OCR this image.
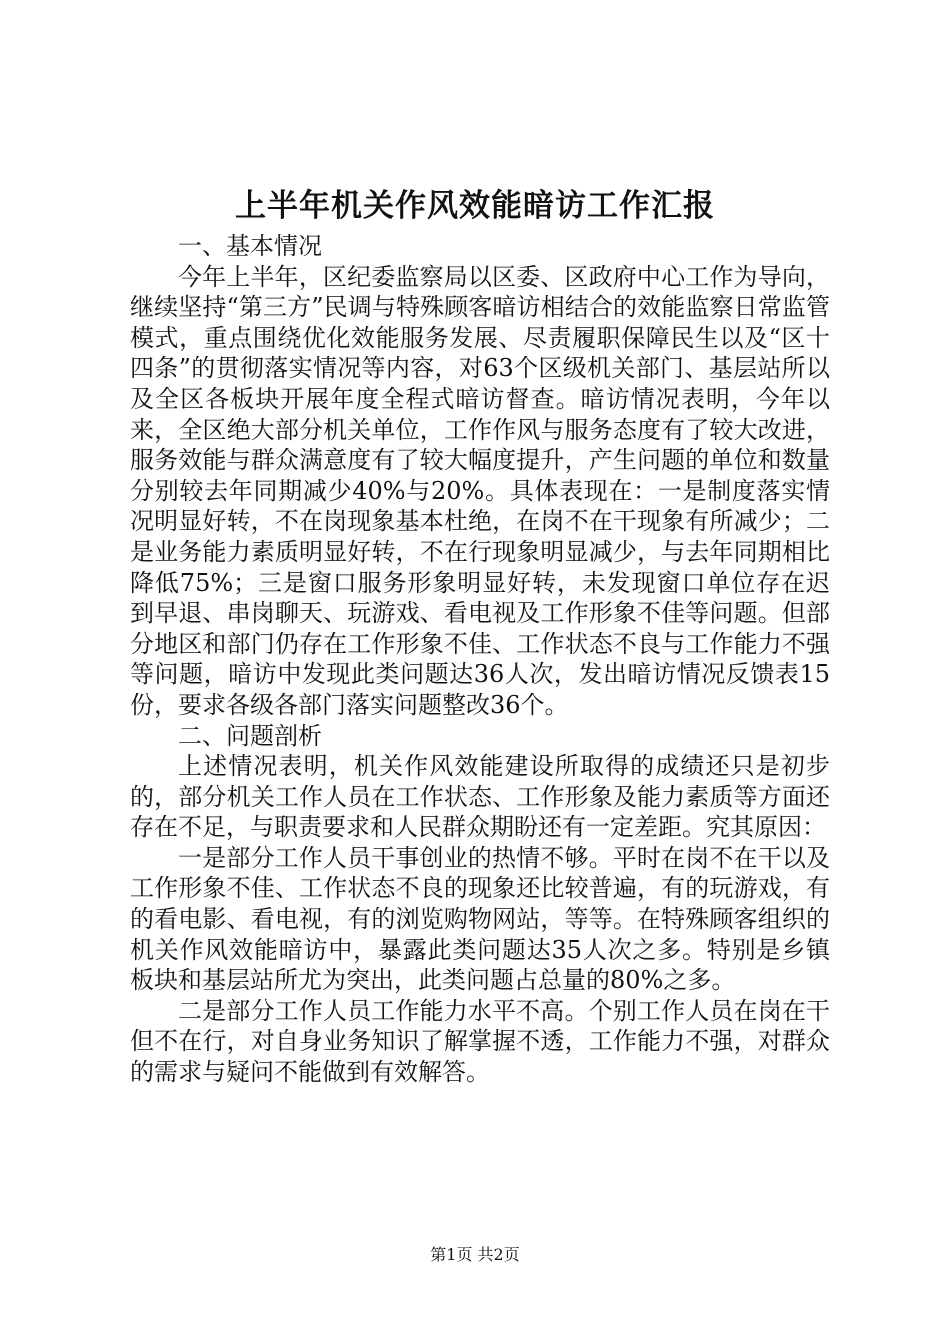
上半年机关作风效能暗访工作汇报

一、基本情况

今年上半年，区纪委监察局以区委、区政府中心工作为导向，继续坚持“第三方”民调与特殊顾客暗访相结合的效能监察日常监管模式，重点围绕优化效能服务发展、尽责履职保障民生以及“区十四条”的贯彻落实情况等内容，对63个区级机关部门、基层站所以及全区各板块开展年度全程式暗访督查。暗访情况表明，今年以来，全区绝大部分机关单位，工作作风与服务态度有了较大改进，服务效能与群众满意度有了较大幅度提升，产生问题的单位和数量分别较去年同期减少40%与20%。具体表现在：一是制度落实情况明显好转，不在岗现象基本杜绝，在岗不在干现象有所减少；二是业务能力素质明显好转，不在行现象明显减少，与去年同期相比降低75%；三是窗口服务形象明显好转，未发现窗口单位存在迟到早退、串岗聊天、玩游戏、看电视及工作形象不佳等问题。但部分地区和部门仍存在工作形象不佳、工作状态不良与工作能力不强等问题，暗访中发现此类问题达36人次，发出暗访情况反馈表15份，要求各级各部门落实问题整改36个。

二、问题剖析

上述情况表明，机关作风效能建设所取得的成绩还只是初步的，部分机关工作人员在工作状态、工作形象及能力素质等方面还存在不足，与职责要求和人民群众期盼还有一定差距。究其原因：

一是部分工作人员干事创业的热情不够。平时在岗不在干以及工作形象不佳、工作状态不良的现象还比较普遍，有的玩游戏，有的看电影、看电视，有的浏览购物网站，等等。在特殊顾客组织的机关作风效能暗访中，暴露此类问题达35人次之多。特别是乡镇板块和基层站所尤为突出，此类问题占总量的80%之多。

二是部分工作人员工作能力水平不高。个别工作人员在岗在干但不在行，对自身业务知识了解掌握不透，工作能力不强，对群众的需求与疑问不能做到有效解答。

第1页 共2页
